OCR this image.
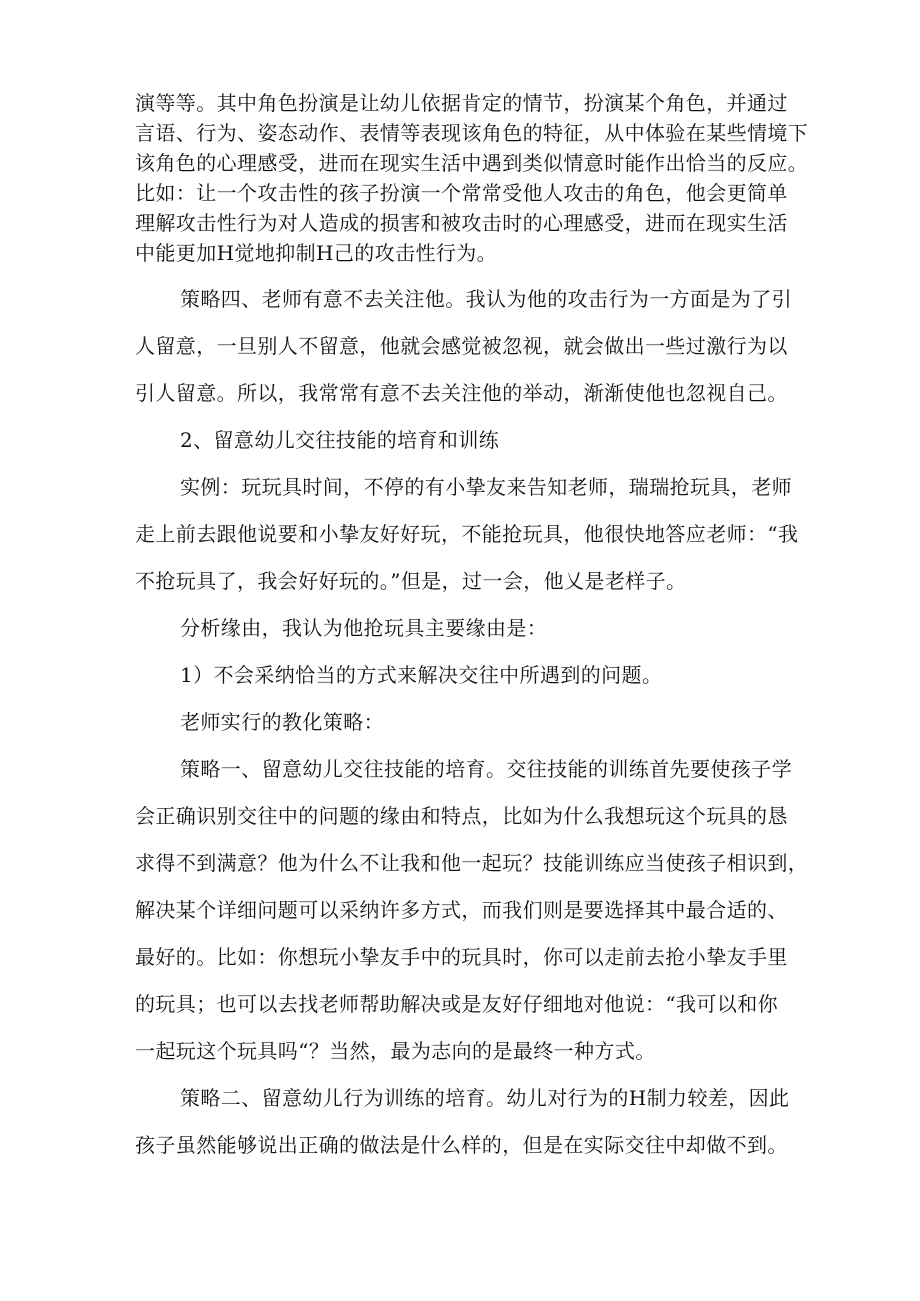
演等等。其中角色扮演是让幼儿依据肯定的情节，扮演某个角色，并通过

言语、行为、姿态动作、表情等表现该角色的特征，从中体验在某些情境下

该角色的心理感受，进而在现实生活中遇到类似情意时能作出恰当的反应。

比如：让一个攻击性的孩子扮演一个常常受他人攻击的角色，他会更简单

理解攻击性行为对人造成的损害和被攻击时的心理感受，进而在现实生活

中能更加H觉地抑制H己的攻击性行为。

策略四、老师有意不去关注他。我认为他的攻击行为一方面是为了引

人留意，一旦别人不留意，他就会感觉被忽视，就会做出一些过激行为以

引人留意。所以，我常常有意不去关注他的举动，渐渐使他也忽视自己。

2、留意幼儿交往技能的培育和训练

实例：玩玩具时间，不停的有小挚友来告知老师，瑞瑞抢玩具，老师

走上前去跟他说要和小挚友好好玩，不能抢玩具，他很快地答应老师：“我

不抢玩具了，我会好好玩的。”但是，过一会，他乂是老样子。

分析缘由，我认为他抢玩具主要缘由是：

1）不会采纳恰当的方式来解决交往中所遇到的问题。

老师实行的教化策略：

策略一、留意幼儿交往技能的培育。交往技能的训练首先要使孩子学

会正确识别交往中的问题的缘由和特点，比如为什么我想玩这个玩具的恳

求得不到满意？他为什么不让我和他一起玩？技能训练应当使孩子相识到，

解决某个详细问题可以采纳许多方式，而我们则是要选择其中最合适的、

最好的。比如：你想玩小挚友手中的玩具时，你可以走前去抢小挚友手里

的玩具；也可以去找老师帮助解决或是友好仔细地对他说：“我可以和你

一起玩这个玩具吗“？当然，最为志向的是最终一种方式。

策略二、留意幼儿行为训练的培育。幼儿对行为的H制力较差，因此

孩子虽然能够说出正确的做法是什么样的，但是在实际交往中却做不到。
